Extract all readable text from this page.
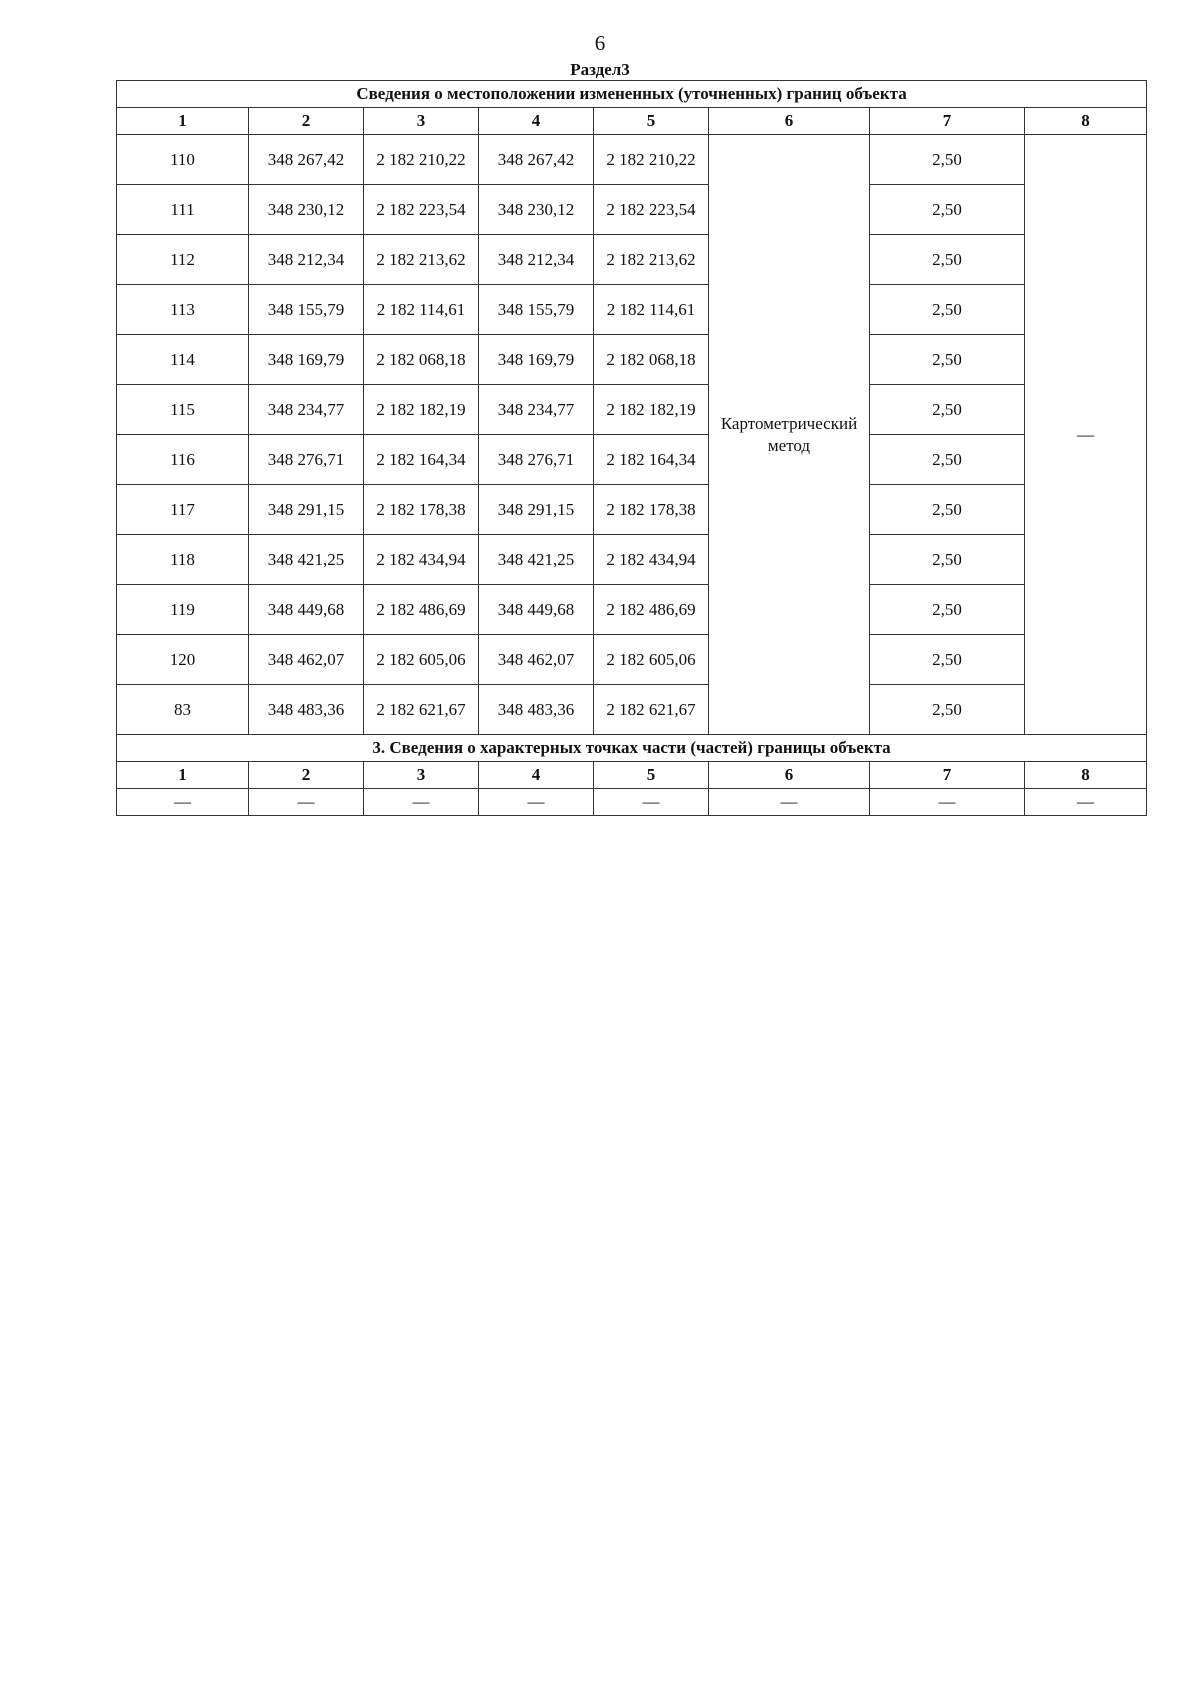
6
Раздел3
Сведения о местоположении измененных (уточненных) границ объекта							
1	2	3	4	5	6	7	8
110	348 267,42	2 182 210,22	348 267,42	2 182 210,22	Картометрический метод	2,50	—
111	348 230,12	2 182 223,54	348 230,12	2 182 223,54		2,50	
112	348 212,34	2 182 213,62	348 212,34	2 182 213,62		2,50	
113	348 155,79	2 182 114,61	348 155,79	2 182 114,61		2,50	
114	348 169,79	2 182 068,18	348 169,79	2 182 068,18		2,50	
115	348 234,77	2 182 182,19	348 234,77	2 182 182,19		2,50	
116	348 276,71	2 182 164,34	348 276,71	2 182 164,34		2,50	
117	348 291,15	2 182 178,38	348 291,15	2 182 178,38		2,50	
118	348 421,25	2 182 434,94	348 421,25	2 182 434,94		2,50	
119	348 449,68	2 182 486,69	348 449,68	2 182 486,69		2,50	
120	348 462,07	2 182 605,06	348 462,07	2 182 605,06		2,50	
83	348 483,36	2 182 621,67	348 483,36	2 182 621,67		2,50	
3. Сведения о характерных точках части (частей) границы объекта							
1	2	3	4	5	6	7	8
—	—	—	—	—	—	—	—
